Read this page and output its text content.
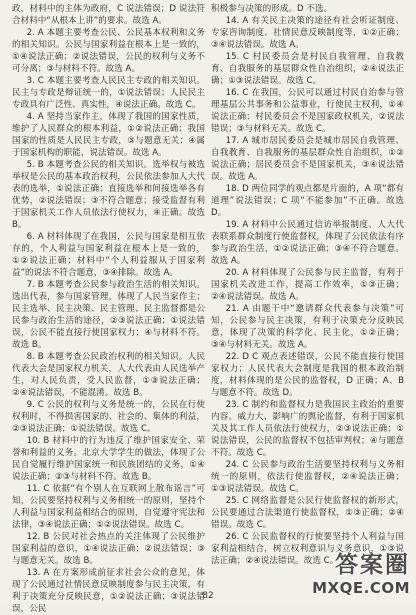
政，材料中的主体为政府，C 说法错误；D 说法符合材料中“从根本上讲”的要求。故选 A。

2. A 本题主要考查公民、公民基本权利和义务的相关知识。公民与国家利益在根本上是一致的，①④说法正确；②说法错误，公民的权利与义务不可分离；③与材料不符。故选 A。

3. C 本题主要考查人民民主专政的相关知识。民主与专政是辩证统一的，①说法错误；人民民主专政具有广泛性、真实性，④说法正确。故选 C。

4. A 坚持当家作主，体现了我国的国家性质，维护了人民群众的根本利益，①②说法正确；我国国家的性质是人民民主专政，③与题意无关；④属于国家机构的职能，说法错误。故选 A。

5. B 本题考查公民的相关知识。选举权与被选举权是公民的基本政治权利，公民依法参加人大代表的选举，①说法正确；直接选举和间接选举各有优势，②说法错误；③不符合题意；接受监督有利于国家机关工作人员依法行使权力，④正确。故选 B。

6. A 材料体现了在我国，公民与国家是相互依存的，个人利益与国家利益在根本上是一致的，①②说法正确；材料中“个人利益服从于国家利益”的说法不符合题意，③④排除。故选 A。

7. B 本题考查公民参与政治生活的相关知识。选出代表，参与国家管理，体现了人民当家作主；民主选举、民主决策、民主管理、民主监督都是公民参与政治生活的途径，②③说法正确；①说法错误，公民不能直接行使国家权力；④与材料不符。故选 B。

8. B 本题考查公民政治权利的相关知识。人民代表大会是国家权力机关，人大代表由人民选举产生，对人民负责，受人民监督，①③说法正确；②④说法错误，不能混淆。故选 B。

9. C 公民的权利与义务是统一的，公民在行使权利时，不得损害国家的、社会的、集体的利益，②③说法正确；①说法错误。故选 C。

10. B 材料中的行为违反了维护国家安全、荣誉和利益的义务。北京大学学生的做法，体现了公民自觉履行维护国家统一和民族团结的义务，①④说法正确；②③与材料不符。故选 B。

11. C 依据“有个别人在互联网上散布谣言”可知，公民要坚持权利与义务相统一的原则，坚持个人利益与国家利益相结合的原则，自觉遵守宪法和法律，③④说法正确；①②说法错误。故选 C。

12. B 公民对社会热点的关注体现了公民维护国家利益的意识，①④说法正确；②说法错误；③与题意无关。故选 B。

13. A 在方案形成前征求社会公众的意见，体现了公民通过社情民意反映制度参与民主决策，有利于决策充分反映民意，①②说法正确；③说法错误，公民

积极参与决策的形成。D 不选。

14. A 有关民主决策的途径有社会听证制度、专家咨询制度、社情民意反映制度等，①②正确；③④说法错误。故选 A。

15. C 村民委员会是村民自我管理、自我教育、自我服务的基层群众性自治组织，②④说法正确；①③说法错误。故选 C。

16. C 在我国，公民可以通过村民自治参与管理基层公共事务和公益事业，行使民主权利，①④说法正确；村民委员会不是国家政权机关，②说法错误；③与材料无关。故选 C。

17. A 城市居民委员会是城市居民自我管理、自我教育、自我服务的基层群众性自治组织，①②说法正确；居民委员会不是国家机关，③④说法错误。故选 A。

18. D 两位同学的观点都是片面的，A 项“都有道理”说法错误；C 项“不能参加”不正确。故选 D。

19. A 材料中公民通过信访举报制度、人大代表联系群众制度行使监督权，体现了公民依法有序参与政治生活，①②说法正确；③④不符合题意。故选 A。

20. A 材料体现了公民参与民主监督，有利于国家机关改进工作，提高工作效率，①③正确；②④说法错误。故选 A。

21. A 由题干中“邀请群众代表参与决策”可知，公民参与民主决策，有利于决策充分反映民意，体现了决策的科学化、民主化，①②正确；③④与材料无关。故选 A。

22. D C 观点表述错误，公民不能直接行使国家权力；人民代表大会制度是我国的根本政治制度，材料体现的是公民的监督权，D 正确；A、B 与题意不符。故选 D。

23. C 制约和监督权力是我国民主政治的重要内容。威力大、影响广的舆论监督，有利于国家机关及其工作人员依法行使权力，②③说法正确；①说法错误，公民的监督权不包括审判权；④与题意不符。故选 C。

24. C 公民参与政治生活要坚持权利与义务相统一的原则，依法行使监督权，②④说法正确；①③说法错误。故选 C。

25. C 网络监督是公民行使监督权的新形式，公民要通过合法渠道行使监督权，①③正确；②④错误。故选 C。

26. C 公民监督权的行使要坚持个人利益与国家利益相结合，树立权利意识与义务意识，①③说法正确；②④说法错误。故选 C。

82
答案圈
MXQE.COM
